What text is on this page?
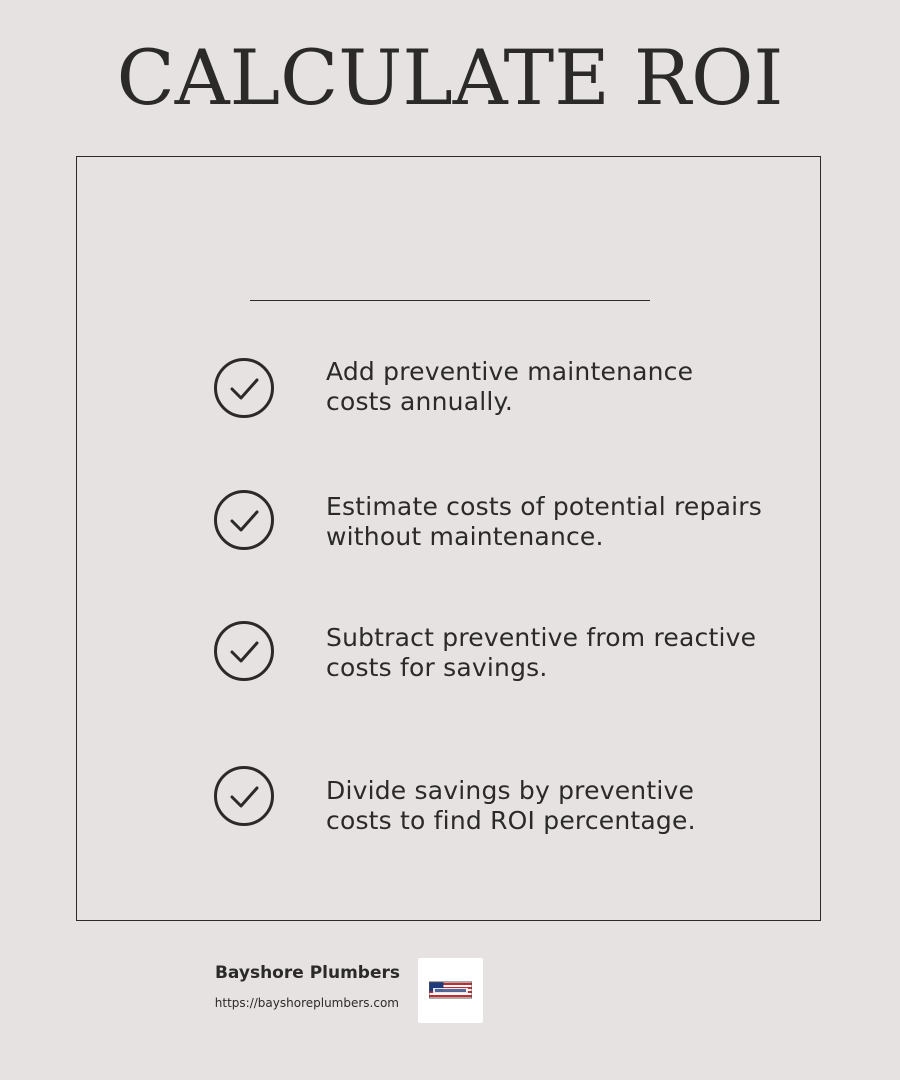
CALCULATE ROI
Add preventive maintenance costs annually.
Estimate costs of potential repairs without maintenance.
Subtract preventive from reactive costs for savings.
Divide savings by preventive costs to find ROI percentage.
Bayshore Plumbers
https://bayshoreplumbers.com
